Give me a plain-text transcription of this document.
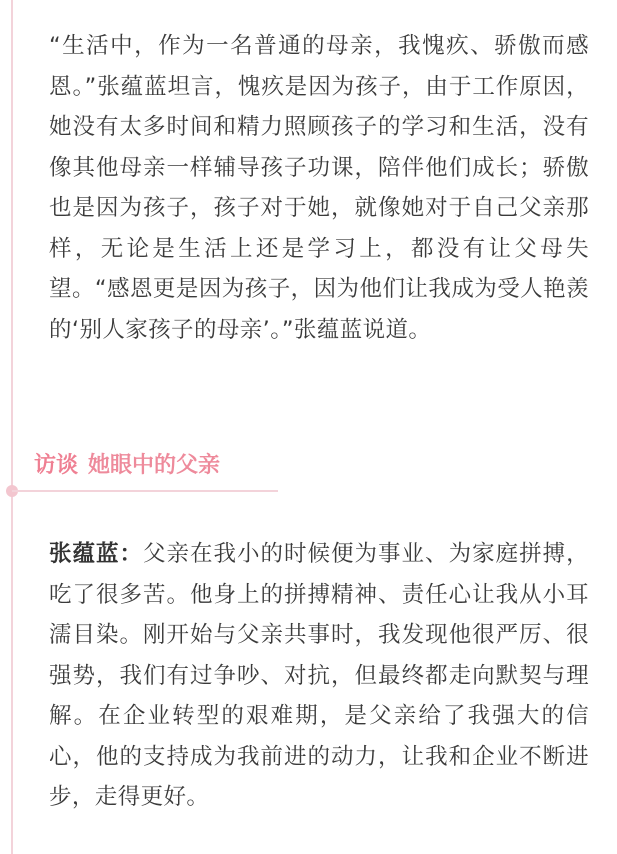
“生活中，作为一名普通的母亲，我愧疚、骄傲而感恩。”张蕴蓝坦言，愧疚是因为孩子，由于工作原因，她没有太多时间和精力照顾孩子的学习和生活，没有像其他母亲一样辅导孩子功课，陪伴他们成长；骄傲也是因为孩子，孩子对于她，就像她对于自己父亲那样，无论是生活上还是学习上，都没有让父母失望。“感恩更是因为孩子，因为他们让我成为受人艳羡的‘别人家孩子的母亲’。”张蕴蓝说道。

访谈 她眼中的父亲

张蕴蓝：父亲在我小的时候便为事业、为家庭拼搏，吃了很多苦。他身上的拼搏精神、责任心让我从小耳濡目染。刚开始与父亲共事时，我发现他很严厉、很强势，我们有过争吵、对抗，但最终都走向默契与理解。在企业转型的艰难期，是父亲给了我强大的信心，他的支持成为我前进的动力，让我和企业不断进步，走得更好。
